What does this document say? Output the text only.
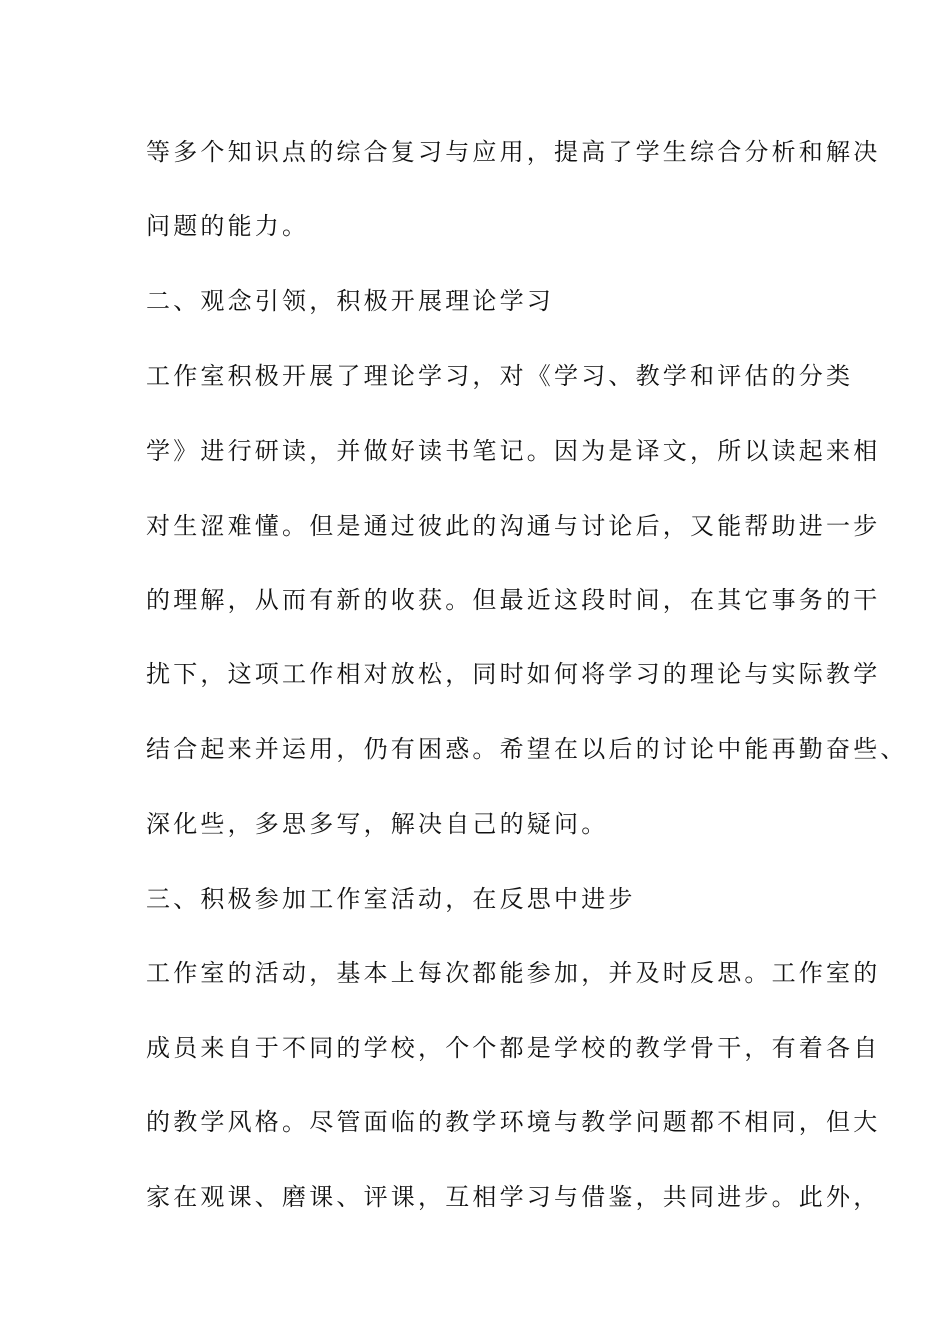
等多个知识点的综合复习与应用，提高了学生综合分析和解决

问题的能力。

二、观念引领，积极开展理论学习

工作室积极开展了理论学习，对《学习、教学和评估的分类

学》进行研读，并做好读书笔记。因为是译文，所以读起来相

对生涩难懂。但是通过彼此的沟通与讨论后，又能帮助进一步

的理解，从而有新的收获。但最近这段时间，在其它事务的干

扰下，这项工作相对放松，同时如何将学习的理论与实际教学

结合起来并运用，仍有困惑。希望在以后的讨论中能再勤奋些、

深化些，多思多写，解决自己的疑问。

三、积极参加工作室活动，在反思中进步

工作室的活动，基本上每次都能参加，并及时反思。工作室的

成员来自于不同的学校，个个都是学校的教学骨干，有着各自

的教学风格。尽管面临的教学环境与教学问题都不相同，但大

家在观课、磨课、评课，互相学习与借鉴，共同进步。此外，
